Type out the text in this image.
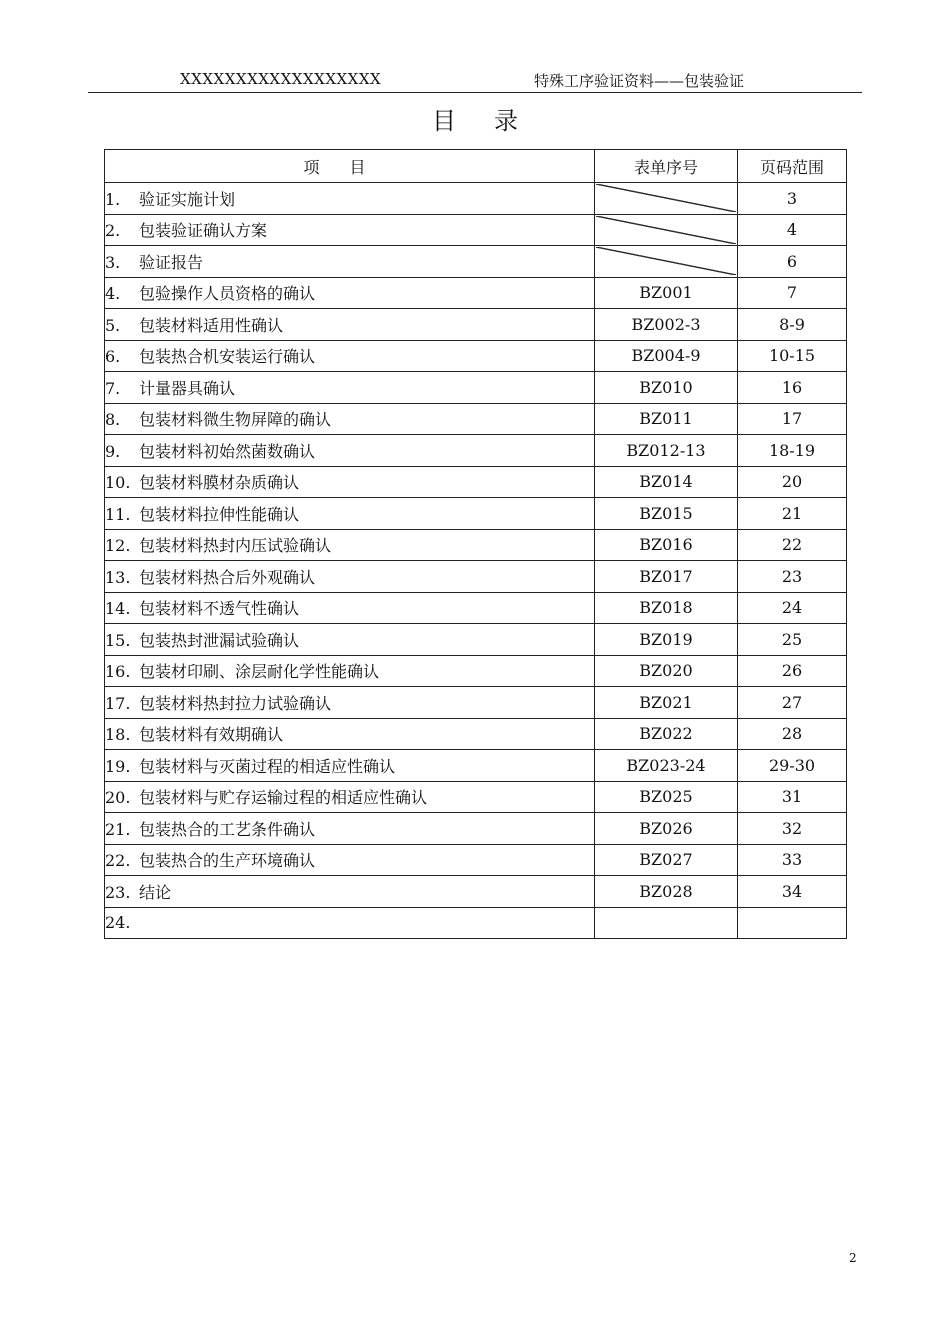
XXXXXXXXXXXXXXXXXX	特殊工序验证资料——包装验证
目录
项目	表单序号	页码范围
1. 验证实施计划		3
2. 包装验证确认方案		4
3. 验证报告		6
4. 包验操作人员资格的确认	BZ001	7
5. 包装材料适用性确认	BZ002-3	8-9
6. 包装热合机安装运行确认	BZ004-9	10-15
7. 计量器具确认	BZ010	16
8. 包装材料微生物屏障的确认	BZ011	17
9. 包装材料初始然菌数确认	BZ012-13	18-19
10. 包装材料膜材杂质确认	BZ014	20
11. 包装材料拉伸性能确认	BZ015	21
12. 包装材料热封内压试验确认	BZ016	22
13. 包装材料热合后外观确认	BZ017	23
14. 包装材料不透气性确认	BZ018	24
15. 包装热封泄漏试验确认	BZ019	25
16. 包装材印刷、涂层耐化学性能确认	BZ020	26
17. 包装材料热封拉力试验确认	BZ021	27
18. 包装材料有效期确认	BZ022	28
19. 包装材料与灭菌过程的相适应性确认	BZ023-24	29-30
20. 包装材料与贮存运输过程的相适应性确认	BZ025	31
21. 包装热合的工艺条件确认	BZ026	32
22. 包装热合的生产环境确认	BZ027	33
23. 结论	BZ028	34
24.		
2
